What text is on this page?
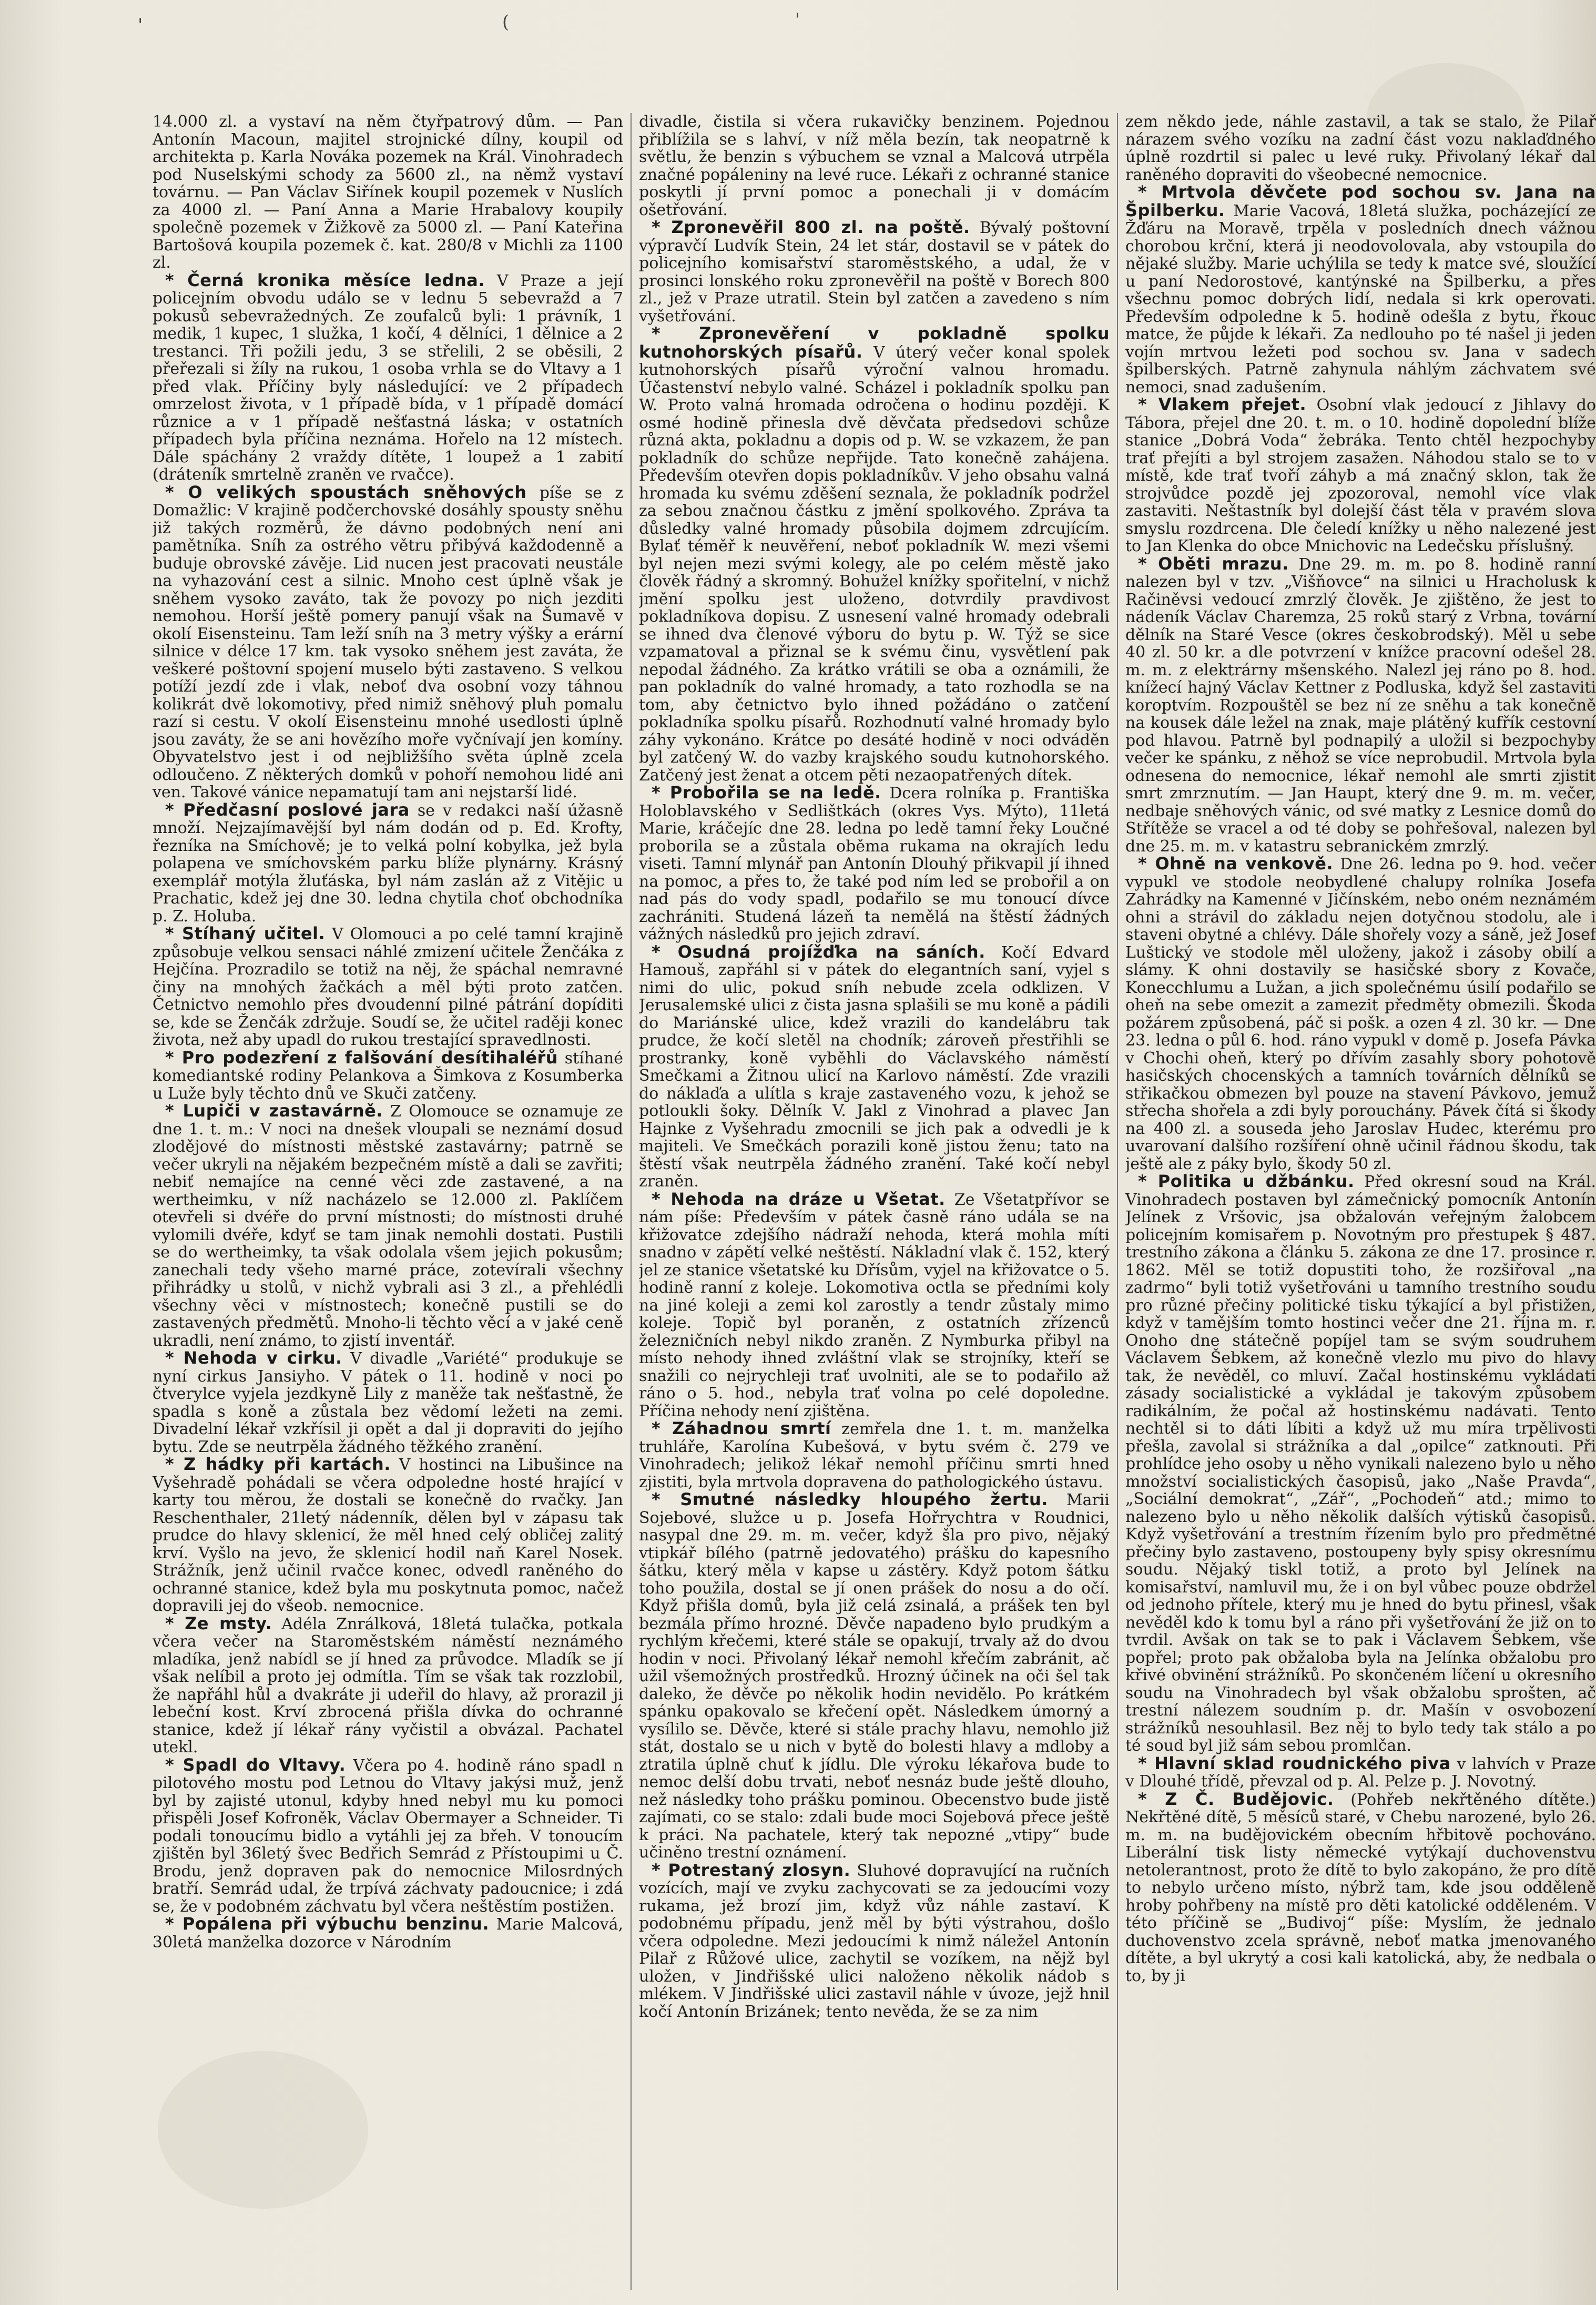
'	(	'

14.000 zl. a vystaví na něm čtyřpatrový dům. — Pan Antonín Macoun, majitel strojnické dílny, koupil od architekta p. Karla Nováka pozemek na Král. Vinohradech pod Nuselskými schody za 5600 zl., na němž vystaví továrnu. — Pan Václav Siřínek koupil pozemek v Nuslích za 4000 zl. — Paní Anna a Marie Hrabalovy koupily společně pozemek v Žižkově za 5000 zl. — Paní Kateřina Bartošová koupila pozemek č. kat. 280/8 v Michli za 1100 zl.

* Černá kronika měsíce ledna. V Praze a její policejním obvodu událo se v lednu 5 sebevražd a 7 pokusů sebevražedných. Ze zoufalců byli: 1 právník, 1 medik, 1 kupec, 1 služka, 1 kočí, 4 dělníci, 1 dělnice a 2 trestanci. Tři požili jedu, 3 se střelili, 2 se oběsili, 2 přeřezali si žíly na rukou, 1 osoba vrhla se do Vltavy a 1 před vlak. Příčiny byly následující: ve 2 případech omrzelost života, v 1 případě bída, v 1 případě domácí různice a v 1 případě nešťastná láska; v ostatních případech byla příčina neznáma. Hořelo na 12 místech. Dále spáchány 2 vraždy dítěte, 1 loupež a 1 zabití (dráteník smrtelně zraněn ve rvačce).

* O velikých spoustách sněhových píše se z Domažlic: V krajině podčerchovské dosáhly spousty sněhu již takých rozměrů, že dávno podobných není ani pamětníka. Sníh za ostrého větru přibývá každodenně a buduje obrovské závěje. Lid nucen jest pracovati neustále na vyhazování cest a silnic. Mnoho cest úplně však je sněhem vysoko zaváto, tak že povozy po nich jezditi nemohou. Horší ještě pomery panují však na Šumavě v okolí Eisensteinu. Tam leží sníh na 3 metry výšky a erární silnice v délce 17 km. tak vysoko sněhem jest zaváta, že veškeré poštovní spojení muselo býti zastaveno. S velkou potíží jezdí zde i vlak, neboť dva osobní vozy táhnou kolikrát dvě lokomotivy, před nimiž sněhový pluh pomalu razí si cestu. V okolí Eisensteinu mnohé usedlosti úplně jsou zaváty, že se ani hovězího moře vyčnívají jen komíny. Obyvatelstvo jest i od nejbližšího světa úplně zcela odloučeno. Z některých domků v pohoří nemohou lidé ani ven. Takové vánice nepamatují tam ani nejstarší lidé.

* Předčasní poslové jara se v redakci naší úžasně množí. Nejzajímavější byl nám dodán od p. Ed. Krofty, řezníka na Smíchově; je to velká polní kobylka, jež byla polapena ve smíchovském parku blíže plynárny. Krásný exemplář motýla žluťáska, byl nám zaslán až z Vitějic u Prachatic, kdež jej dne 30. ledna chytila choť obchodníka p. Z. Holuba.

* Stíhaný učitel. V Olomouci a po celé tamní krajině způsobuje velkou sensaci náhlé zmizení učitele Ženčáka z Hejčína. Prozradilo se totiž na něj, že spáchal nemravné činy na mnohých žačkách a měl býti proto zatčen. Četnictvo nemohlo přes dvoudenní pilné pátrání dopíditi se, kde se Ženčák zdržuje. Soudí se, že učitel raději konec života, než aby upadl do rukou trestající spravedlnosti.

* Pro podezření z falšování desítihaléřů stíhané komediantské rodiny Pelankova a Šimkova z Kosumberka u Luže byly těchto dnů ve Skuči zatčeny.

* Lupiči v zastavárně. Z Olomouce se oznamuje ze dne 1. t. m.: V noci na dnešek vloupali se neznámí dosud zlodějové do místnosti městské zastavárny; patrně se večer ukryli na nějakém bezpečném místě a dali se zavřiti; nebiť nemajíce na cenné věci zde zastavené, a na wertheimku, v níž nacházelo se 12.000 zl. Paklíčem otevřeli si dvéře do první místnosti; do místnosti druhé vylomili dvéře, kdyť se tam jinak nemohli dostati. Pustili se do wertheimky, ta však odolala všem jejich pokusům; zanechali tedy všeho marné práce, zotevírali všechny přihrádky u stolů, v nichž vybrali asi 3 zl., a přehlédli všechny věci v místnostech; konečně pustili se do zastavených předmětů. Mnoho-li těchto věcí a v jaké ceně ukradli, není známo, to zjistí inventář.

* Nehoda v cirku. V divadle „Variété“ produkuje se nyní cirkus Jansiyho. V pátek o 11. hodině v noci po čtverylce vyjela jezdkyně Lily z maněže tak nešťastně, že spadla s koně a zůstala bez vědomí ležeti na zemi. Divadelní lékař vzkřísil ji opět a dal ji dopraviti do jejího bytu. Zde se neutrpěla žádného těžkého zranění.

* Z hádky při kartách. V hostinci na Libušince na Vyšehradě pohádali se včera odpoledne hosté hrající v karty tou měrou, že dostali se konečně do rvačky. Jan Reschenthaler, 21letý nádenník, dělen byl v zápasu tak prudce do hlavy sklenicí, že měl hned celý obličej zalitý krví. Vyšlo na jevo, že sklenicí hodil naň Karel Nosek. Strážník, jenž učinil rvačce konec, odvedl raněného do ochranné stanice, kdež byla mu poskytnuta pomoc, načež dopravili jej do všeob. nemocnice.

* Ze msty. Adéla Znrálková, 18letá tulačka, potkala včera večer na Staroměstském náměstí neznámého mladíka, jenž nabídl se jí hned za průvodce. Mladík se jí však nelíbil a proto jej odmítla. Tím se však tak rozzlobil, že napřáhl hůl a dvakráte ji udeřil do hlavy, až prorazil ji lebeční kost. Krví zbrocená přišla dívka do ochranné stanice, kdež jí lékař rány vyčistil a obvázal. Pachatel utekl.

* Spadl do Vltavy. Včera po 4. hodině ráno spadl n pilotového mostu pod Letnou do Vltavy jakýsi muž, jenž byl by zajisté utonul, kdyby hned nebyl mu ku pomoci přispěli Josef Kofroněk, Václav Obermayer a Schneider. Ti podali tonoucímu bidlo a vytáhli jej za břeh. V tonoucím zjištěn byl 36letý švec Bedřich Semrád z Přístoupimi u Č. Brodu, jenž dopraven pak do nemocnice Milosrdných bratří. Semrád udal, že trpívá záchvaty padoucnice; i zdá se, že v podobném záchvatu byl včera neštěstím postižen.

* Popálena při výbuchu benzinu. Marie Malcová, 30letá manželka dozorce v Národním

divadle, čistila si včera rukavičky benzinem. Pojednou přiblížila se s lahví, v níž měla bezín, tak neopatrně k světlu, že benzin s výbuchem se vznal a Malcová utrpěla značné popáleniny na levé ruce. Lékaři z ochranné stanice poskytli jí první pomoc a ponechali ji v domácím ošetřování.

* Zpronevěřil 800 zl. na poště. Bývalý poštovní výpravčí Ludvík Stein, 24 let stár, dostavil se v pátek do policejního komisařství staroměstského, a udal, že v prosinci lonského roku zpronevěřil na poště v Borech 800 zl., jež v Praze utratil. Stein byl zatčen a zavedeno s ním vyšetřování.

* Zpronevěření v pokladně spolku kutnohorských písařů. V úterý večer konal spolek kutnohorských písařů výroční valnou hromadu. Účastenství nebylo valné. Scházel i pokladník spolku pan W. Proto valná hromada odročena o hodinu později. K osmé hodině přinesla dvě děvčata předsedovi schůze různá akta, pokladnu a dopis od p. W. se vzkazem, že pan pokladník do schůze nepřijde. Tato konečně zahájena. Především otevřen dopis pokladníkův. V jeho obsahu valná hromada ku svému zděšení seznala, že pokladník podržel za sebou značnou částku z jmění spolkového. Zpráva ta důsledky valné hromady působila dojmem zdrcujícím. Bylať téměř k neuvěření, neboť pokladník W. mezi všemi byl nejen mezi svými kolegy, ale po celém městě jako člověk řádný a skromný. Bohužel knížky spořitelní, v nichž jmění spolku jest uloženo, dotvrdily pravdivost pokladníkova dopisu. Z usnesení valné hromady odebrali se ihned dva členové výboru do bytu p. W. Týž se sice vzpamatoval a přiznal se k svému činu, vysvětlení pak nepodal žádného. Za krátko vrátili se oba a oznámili, že pan pokladník do valné hromady, a tato rozhodla se na tom, aby četnictvo bylo ihned požádáno o zatčení pokladníka spolku písařů. Rozhodnutí valné hromady bylo záhy vykonáno. Krátce po desáté hodině v noci odváděn byl zatčený W. do vazby krajského soudu kutnohorského. Zatčený jest ženat a otcem pěti nezaopatřených dítek.

* Probořila se na ledě. Dcera rolníka p. Františka Holoblavského v Sedlištkách (okres Vys. Mýto), 11letá Marie, kráčejíc dne 28. ledna po ledě tamní řeky Loučné proborila se a zůstala oběma rukama na okrajích ledu viseti. Tamní mlynář pan Antonín Dlouhý přikvapil jí ihned na pomoc, a přes to, že také pod ním led se probořil a on nad pás do vody spadl, podařilo se mu tonoucí dívce zachrániti. Studená lázeň ta nemělá na štěstí žádných vážných následků pro jejich zdraví.

* Osudná projížďka na sáních. Kočí Edvard Hamouš, zapřáhl si v pátek do elegantních saní, vyjel s nimi do ulic, pokud sníh nebude zcela odklizen. V Jerusalemské ulici z čista jasna splašili se mu koně a pádili do Mariánské ulice, kdež vrazili do kandelábru tak prudce, že kočí sletěl na chodník; zároveň přestřihli se prostranky, koně vyběhli do Václavského náměstí Smečkami a Žitnou ulicí na Karlovo náměstí. Zde vrazili do náklaďa a ulítla s kraje zastaveného vozu, k jehož se potloukli šoky. Dělník V. Jakl z Vinohrad a plavec Jan Hajnke z Vyšehradu zmocnili se jich pak a odvedli je k majiteli. Ve Smečkách porazili koně jistou ženu; tato na štěstí však neutrpěla žádného zranění. Také kočí nebyl zraněn.

* Nehoda na dráze u Všetat. Ze Všetatpřívor se nám píše: Především v pátek časně ráno udála se na křižovatce zdejšího nádraží nehoda, která mohla míti snadno v zápětí velké neštěstí. Nákladní vlak č. 152, který jel ze stanice všetatské ku Dřísům, vyjel na křižovatce o 5. hodině ranní z koleje. Lokomotiva octla se předními koly na jiné koleji a zemi kol zarostly a tendr zůstaly mimo koleje. Topič byl poraněn, z ostatních zřízenců železničních nebyl nikdo zraněn. Z Nymburka přibyl na místo nehody ihned zvláštní vlak se strojníky, kteří se snažili co nejrychleji trať uvolniti, ale se to podařilo až ráno o 5. hod., nebyla trať volna po celé dopoledne. Příčina nehody není zjištěna.

* Záhadnou smrtí zemřela dne 1. t. m. manželka truhláře, Karolína Kubešová, v bytu svém č. 279 ve Vinohradech; jelikož lékař nemohl příčinu smrti hned zjistiti, byla mrtvola dopravena do pathologického ústavu.

* Smutné následky hloupého žertu. Marii Sojebové, služce u p. Josefa Hořrychtra v Roudnici, nasypal dne 29. m. m. večer, když šla pro pivo, nějaký vtipkář bílého (patrně jedovatého) prášku do kapesního šátku, který měla v kapse u zástěry. Když potom šátku toho použila, dostal se jí onen prášek do nosu a do očí. Když přišla domů, byla již celá zsinalá, a prášek ten byl bezmála přímo hrozné. Děvče napadeno bylo prudkým a rychlým křečemi, které stále se opakují, trvaly až do dvou hodin v noci. Přivolaný lékař nemohl křečím zabránit, ač užil všemožných prostředků. Hrozný účinek na oči šel tak daleko, že děvče po několik hodin nevidělo. Po krátkém spánku opakovalo se křečení opět. Následkem úmorný a vysílilo se. Děvče, které si stále prachy hlavu, nemohlo již stát, dostalo se u nich v bytě do bolesti hlavy a mdloby a ztratila úplně chuť k jídlu. Dle výroku lékařova bude to nemoc delší dobu trvati, neboť nesnáz bude ještě dlouho, než následky toho prášku pominou. Obecenstvo bude jistě zajímati, co se stalo: zdali bude moci Sojebová přece ještě k práci. Na pachatele, který tak nepozné „vtipy“ bude učiněno trestní oznámení.

* Potrestaný zlosyn. Sluhové dopravující na ručních vozících, mají ve zvyku zachycovati se za jedoucími vozy rukama, jež brozí jim, když vůz náhle zastaví. K podobnému případu, jenž měl by býti výstrahou, došlo včera odpoledne. Mezi jedoucími k nimž náležel Antonín Pilař z Růžové ulice, zachytil se vozíkem, na nějž byl uložen, v Jindřišské ulici naloženo několik nádob s mlékem. V Jindřišské ulici zastavil náhle v úvoze, jejž hnil kočí Antonín Brizánek; tento nevěda, že se za nim

zem někdo jede, náhle zastavil, a tak se stalo, že Pilař nárazem svého vozíku na zadní část vozu naklaďdného úplně rozdrtil si palec u levé ruky. Přivolaný lékař dal raněného dopraviti do všeobecné nemocnice.

* Mrtvola děvčete pod sochou sv. Jana na Špilberku. Marie Vacová, 18letá služka, pocházející ze Žďáru na Moravě, trpěla v posledních dnech vážnou chorobou krční, která ji neodovolovala, aby vstoupila do nějaké služby. Marie uchýlila se tedy k matce své, sloužící u paní Nedorostové, kantýnské na Špilberku, a přes všechnu pomoc dobrých lidí, nedala si krk operovati. Především odpoledne k 5. hodině odešla z bytu, řkouc matce, že půjde k lékaři. Za nedlouho po té našel ji jeden vojín mrtvou ležeti pod sochou sv. Jana v sadech špilberských. Patrně zahynula náhlým záchvatem své nemoci, snad zadušením.

* Vlakem přejet. Osobní vlak jedoucí z Jihlavy do Tábora, přejel dne 20. t. m. o 10. hodině dopolední blíže stanice „Dobrá Voda“ žebráka. Tento chtěl hezpochyby trať přejíti a byl strojem zasažen. Náhodou stalo se to v místě, kde trať tvoří záhyb a má značný sklon, tak že strojvůdce pozdě jej zpozoroval, nemohl více vlak zastaviti. Neštastník byl dolejší část těla v pravém slova smyslu rozdrcena. Dle čeledí knížky u něho nalezené jest to Jan Klenka do obce Mnichovic na Ledečsku příslušný.

* Oběti mrazu. Dne 29. m. m. po 8. hodině ranní nalezen byl v tzv. „Višňovce“ na silnici u Hracholusk k Račiněvsi vedoucí zmrzlý člověk. Je zjištěno, že jest to nádeník Václav Charemza, 25 roků starý z Vrbna, tovární dělník na Staré Vesce (okres českobrodský). Měl u sebe 40 zl. 50 kr. a dle potvrzení v knížce pracovní odešel 28. m. m. z elektrárny mšenského. Nalezl jej ráno po 8. hod. knížecí hajný Václav Kettner z Podluska, když šel zastaviti koroptvím. Rozpouštěl se bez ní ze sněhu a tak konečně na kousek dále ležel na znak, maje plátěný kufřík cestovní pod hlavou. Patrně byl podnapilý a uložil si bezpochyby večer ke spánku, z něhož se více neprobudil. Mrtvola byla odnesena do nemocnice, lékař nemohl ale smrti zjistit smrt zmrznutím. — Jan Haupt, který dne 9. m. m. večer, nedbaje sněhových vánic, od své matky z Lesnice domů do Střítěže se vracel a od té doby se pohřešoval, nalezen byl dne 25. m. m. v katastru sebranickém zmrzlý.

* Ohně na venkově. Dne 26. ledna po 9. hod. večer vypukl ve stodole neobydlené chalupy rolníka Josefa Zahrádky na Kamenné v Jičínském, nebo oném neznámém ohni a strávil do základu nejen dotyčnou stodolu, ale i staveni obytné a chlévy. Dále shořely vozy a sáně, jež Josef Luštický ve stodole měl uloženy, jakož i zásoby obilí a slámy. K ohni dostavily se hasičské sbory z Kovače, Konecchlumu a Lužan, a jich společnému úsilí podařilo se oheň na sebe omezit a zamezit předměty obmezili. Škoda požárem způsobená, páč si pošk. a ozen 4 zl. 30 kr. — Dne 23. ledna o půl 6. hod. ráno vypukl v domě p. Josefa Pávka v Chochi oheň, který po dřívím zasahly sbory pohotově hasičských chocenských a tamních továrních dělníků se střikačkou obmezen byl pouze na stavení Pávkovo, jemuž střecha shořela a zdi byly porouchány. Pávek čítá si škody na 400 zl. a souseda jeho Jaroslav Hudec, kterému pro uvarovaní dalšího rozšíření ohně učinil řádnou škodu, tak ještě ale z páky bylo, škody 50 zl.

* Politika u džbánku. Před okresní soud na Král. Vinohradech postaven byl zámečnický pomocník Antonín Jelínek z Vršovic, jsa obžalován veřejným žalobcem policejním komisařem p. Novotným pro přestupek § 487. trestního zákona a článku 5. zákona ze dne 17. prosince r. 1862. Měl se totiž dopustiti toho, že rozšiřoval „na zadrmo“ byli totiž vyšetřováni u tamního trestního soudu pro různé přečiny politické tisku týkající a byl přistižen, když v tamějším tomto hostinci večer dne 21. října m. r. Onoho dne státečně popíjel tam se svým soudruhem Václavem Šebkem, až konečně vlezlo mu pivo do hlavy tak, že nevěděl, co mluví. Začal hostinskému vykládati zásady socialistické a vykládal je takovým způsobem radikálním, že počal až hostinskému nadávati. Tento nechtěl si to dáti líbiti a když už mu míra trpělivosti přešla, zavolal si strážníka a dal „opilce“ zatknouti. Při prohlídce jeho osoby u něho vynikali nalezeno bylo u něho množství socialistických časopisů, jako „Naše Pravda“, „Sociální demokrat“, „Zář“, „Pochodeň“ atd.; mimo to nalezeno bylo u něho několik dalších výtisků časopisů. Když vyšetřování a trestním řízením bylo pro předmětné přečiny bylo zastaveno, postoupeny byly spisy okresnímu soudu. Nějaký tiskl totiž, a proto byl Jelínek na komisařství, namluvil mu, že i on byl vůbec pouze obdržel od jednoho přítele, který mu je hned do bytu přinesl, však nevěděl kdo k tomu byl a ráno při vyšetřování že již on to tvrdil. Avšak on tak se to pak i Václavem Šebkem, vše popřel; proto pak obžaloba byla na Jelínka obžalobu pro křivé obvinění strážníků. Po skončeném líčení u okresního soudu na Vinohradech byl však obžalobu sprošten, ač trestní nálezem soudním p. dr. Mašín v osvobození strážníků nesouhlasil. Bez něj to bylo tedy tak stálo a po té soud byl již sám sebou promlčan.

* Hlavní sklad roudnického piva v lahvích v Praze v Dlouhé třídě, převzal od p. Al. Pelze p. J. Novotný.

* Z Č. Budějovic. (Pohřeb nekřtěného dítěte.) Nekřtěné dítě, 5 měsíců staré, v Chebu narozené, bylo 26. m. m. na budějovickém obecním hřbitově pochováno. Liberální tisk listy německé vytýkají duchovenstvu netolerantnost, proto že dítě to bylo zakopáno, že pro dítě to nebylo určeno místo, nýbrž tam, kde jsou odděleně hroby pohřbeny na místě pro děti katolické odděleném. V této příčině se „Budivoj“ píše: Myslím, že jednalo duchovenstvo zcela správně, neboť matka jmenovaného dítěte, a byl ukrytý a cosi kali katolická, aby, že nedbala o to, by ji
